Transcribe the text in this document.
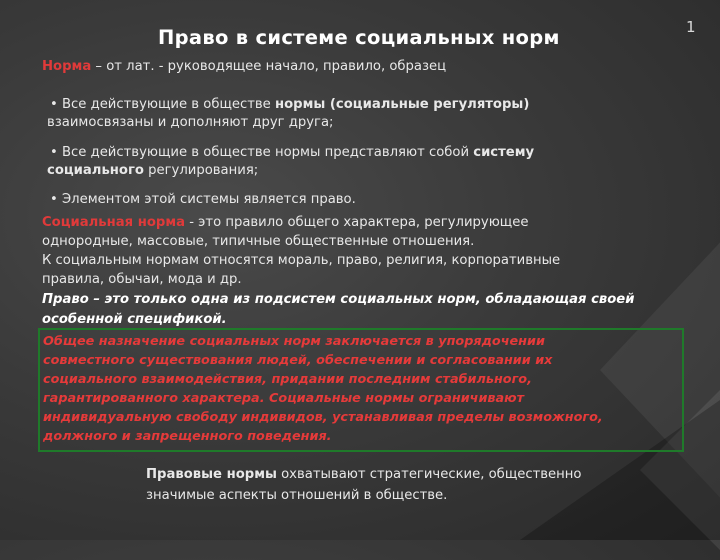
Право в системе социальных норм	1
Норма – от лат. - руководящее начало, правило, образец
• Все действующие в обществе нормы (социальные регуляторы)
взаимосвязаны и дополняют друг друга;
• Все действующие в обществе нормы представляют собой систему
социального регулирования;
• Элементом этой системы является право.
Социальная норма - это правило общего характера, регулирующее
однородные, массовые, типичные общественные отношения.
К социальным нормам относятся мораль, право, религия, корпоративные
правила, обычаи, мода и др.
Право – это только одна из подсистем социальных норм, обладающая своей
особенной спецификой.
Общее назначение социальных норм заключается в упорядочении
совместного существования людей, обеспечении и согласовании их
социального взаимодействия, придании последним стабильного,
гарантированного характера. Социальные нормы ограничивают
индивидуальную свободу индивидов, устанавливая пределы возможного,
должного и запрещенного поведения.
Правовые нормы охватывают стратегические, общественно
значимые аспекты отношений в обществе.
